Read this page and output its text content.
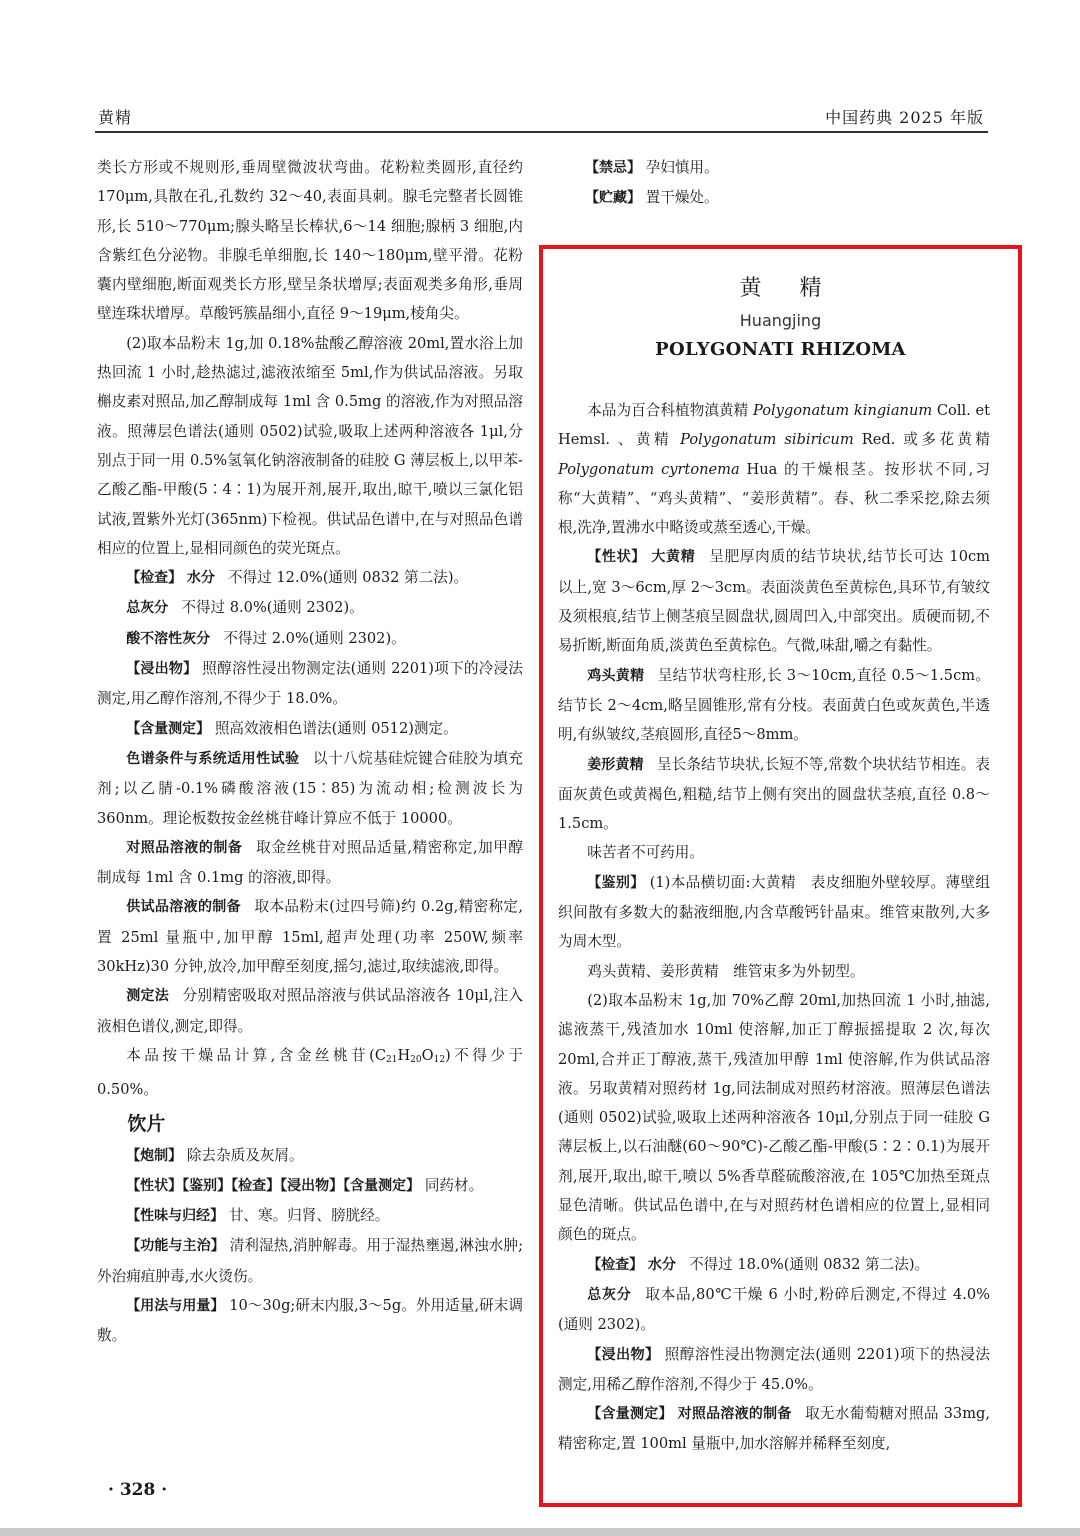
黄精	中国药典 2025 年版

类长方形或不规则形,垂周壁微波状弯曲。花粉粒类圆形,直径约 170μm,具散在孔,孔数约 32～40,表面具刺。腺毛完整者长圆锥形,长 510～770μm;腺头略呈长棒状,6～14 细胞;腺柄 3 细胞,内含紫红色分泌物。非腺毛单细胞,长 140～180μm,壁平滑。花粉囊内壁细胞,断面观类长方形,壁呈条状增厚;表面观类多角形,垂周壁连珠状增厚。草酸钙簇晶细小,直径 9～19μm,棱角尖。

(2)取本品粉末 1g,加 0.18%盐酸乙醇溶液 20ml,置水浴上加热回流 1 小时,趁热滤过,滤液浓缩至 5ml,作为供试品溶液。另取槲皮素对照品,加乙醇制成每 1ml 含 0.5mg 的溶液,作为对照品溶液。照薄层色谱法(通则 0502)试验,吸取上述两种溶液各 1μl,分别点于同一用 0.5%氢氧化钠溶液制备的硅胶 G 薄层板上,以甲苯-乙酸乙酯-甲酸(5∶4∶1)为展开剂,展开,取出,晾干,喷以三氯化铝试液,置紫外光灯(365nm)下检视。供试品色谱中,在与对照品色谱相应的位置上,显相同颜色的荧光斑点。

【检查】 水分 不得过 12.0%(通则 0832 第二法)。

总灰分 不得过 8.0%(通则 2302)。

酸不溶性灰分 不得过 2.0%(通则 2302)。

【浸出物】 照醇溶性浸出物测定法(通则 2201)项下的冷浸法测定,用乙醇作溶剂,不得少于 18.0%。

【含量测定】 照高效液相色谱法(通则 0512)测定。

色谱条件与系统适用性试验 以十八烷基硅烷键合硅胶为填充剂;以乙腈-0.1%磷酸溶液(15∶85)为流动相;检测波长为 360nm。理论板数按金丝桃苷峰计算应不低于 10000。

对照品溶液的制备 取金丝桃苷对照品适量,精密称定,加甲醇制成每 1ml 含 0.1mg 的溶液,即得。

供试品溶液的制备 取本品粉末(过四号筛)约 0.2g,精密称定,置 25ml 量瓶中,加甲醇 15ml,超声处理(功率 250W,频率 30kHz)30 分钟,放冷,加甲醇至刻度,摇匀,滤过,取续滤液,即得。

测定法 分别精密吸取对照品溶液与供试品溶液各 10μl,注入液相色谱仪,测定,即得。

本品按干燥品计算,含金丝桃苷$(C_{21}H_{20}O_{12})$不得少于 0.50%。

饮片

【炮制】 除去杂质及灰屑。

【性状】【鉴别】【检查】【浸出物】【含量测定】 同药材。

【性味与归经】 甘、寒。归肾、膀胱经。

【功能与主治】 清利湿热,消肿解毒。用于湿热壅遏,淋浊水肿;外治痈疽肿毒,水火烫伤。

【用法与用量】 10～30g;研末内服,3～5g。外用适量,研末调敷。

· 328 ·

【禁忌】 孕妇慎用。

【贮藏】 置干燥处。

黄精
Huangjing
POLYGONATI RHIZOMA

本品为百合科植物滇黄精 Polygonatum kingianum Coll. et Hemsl. 、黄精 Polygonatum sibiricum Red. 或多花黄精 Polygonatum cyrtonema Hua 的干燥根茎。按形状不同,习称“大黄精”、“鸡头黄精”、“姜形黄精”。春、秋二季采挖,除去须根,洗净,置沸水中略烫或蒸至透心,干燥。

【性状】 大黄精 呈肥厚肉质的结节块状,结节长可达 10cm 以上,宽 3～6cm,厚 2～3cm。表面淡黄色至黄棕色,具环节,有皱纹及须根痕,结节上侧茎痕呈圆盘状,圆周凹入,中部突出。质硬而韧,不易折断,断面角质,淡黄色至黄棕色。气微,味甜,嚼之有黏性。

鸡头黄精 呈结节状弯柱形,长 3～10cm,直径 0.5～1.5cm。结节长 2～4cm,略呈圆锥形,常有分枝。表面黄白色或灰黄色,半透明,有纵皱纹,茎痕圆形,直径5～8mm。

姜形黄精 呈长条结节块状,长短不等,常数个块状结节相连。表面灰黄色或黄褐色,粗糙,结节上侧有突出的圆盘状茎痕,直径 0.8～1.5cm。

味苦者不可药用。

【鉴别】 (1)本品横切面:大黄精　表皮细胞外壁较厚。薄壁组织间散有多数大的黏液细胞,内含草酸钙针晶束。维管束散列,大多为周木型。

鸡头黄精、姜形黄精　维管束多为外韧型。

(2)取本品粉末 1g,加 70%乙醇 20ml,加热回流 1 小时,抽滤,滤液蒸干,残渣加水 10ml 使溶解,加正丁醇振摇提取 2 次,每次 20ml,合并正丁醇液,蒸干,残渣加甲醇 1ml 使溶解,作为供试品溶液。另取黄精对照药材 1g,同法制成对照药材溶液。照薄层色谱法(通则 0502)试验,吸取上述两种溶液各 10μl,分别点于同一硅胶 G 薄层板上,以石油醚(60～90℃)-乙酸乙酯-甲酸(5∶2∶0.1)为展开剂,展开,取出,晾干,喷以 5%香草醛硫酸溶液,在 105℃加热至斑点显色清晰。供试品色谱中,在与对照药材色谱相应的位置上,显相同颜色的斑点。

【检查】 水分 不得过 18.0%(通则 0832 第二法)。

总灰分 取本品,80℃干燥 6 小时,粉碎后测定,不得过 4.0%(通则 2302)。

【浸出物】 照醇溶性浸出物测定法(通则 2201)项下的热浸法测定,用稀乙醇作溶剂,不得少于 45.0%。

【含量测定】 对照品溶液的制备 取无水葡萄糖对照品 33mg,精密称定,置 100ml 量瓶中,加水溶解并稀释至刻度,
